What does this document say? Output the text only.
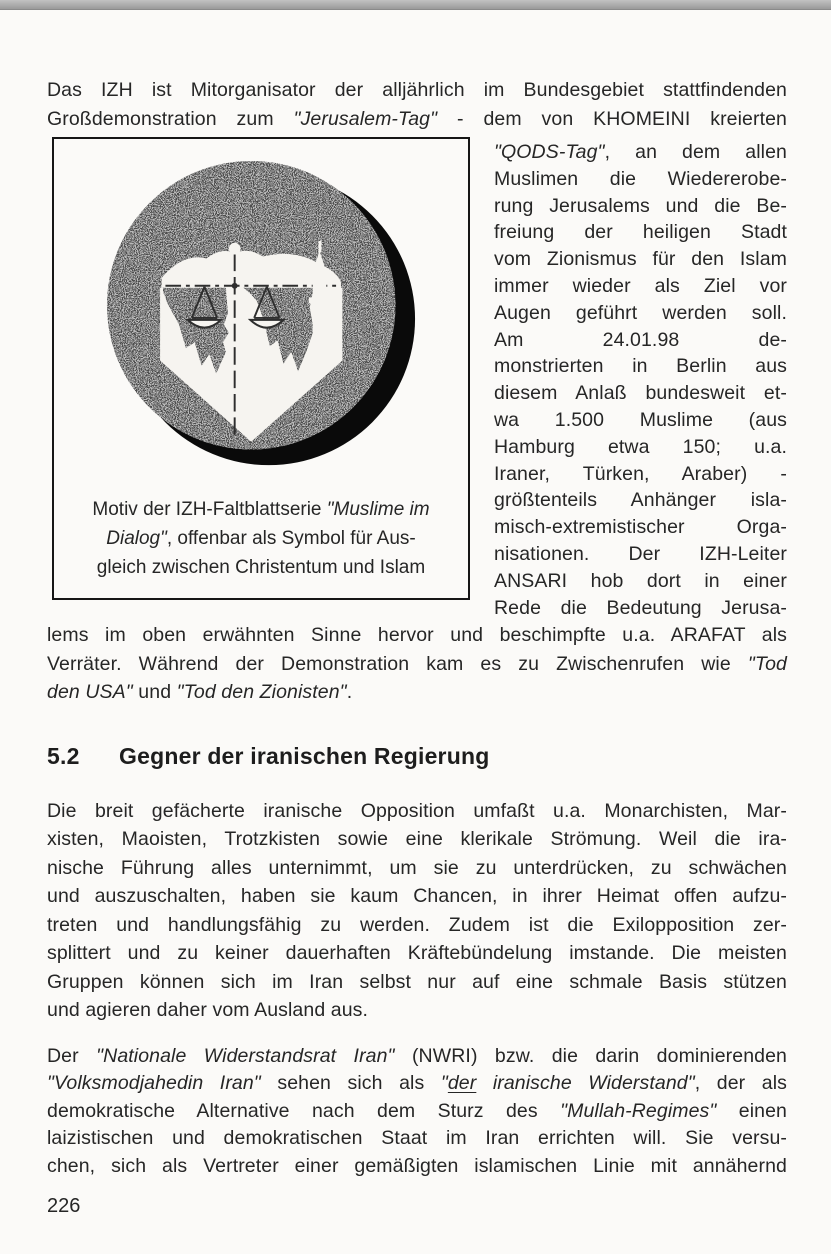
Das IZH ist Mitorganisator der alljährlich im Bundesgebiet stattfindenden
Großdemonstration zum "Jerusalem-Tag" - dem von KHOMEINI kreierten
Motiv der IZH-Faltblattserie "Muslime im
Dialog", offenbar als Symbol für Aus-
gleich zwischen Christentum und Islam
"QODS-Tag", an dem allen
Muslimen die Wiedererobe-
rung Jerusalems und die Be-
freiung der heiligen Stadt
vom Zionismus für den Islam
immer wieder als Ziel vor
Augen geführt werden soll.
Am 24.01.98 de-
monstrierten in Berlin aus
diesem Anlaß bundesweit et-
wa 1.500 Muslime (aus
Hamburg etwa 150; u.a.
Iraner, Türken, Araber) -
größtenteils Anhänger isla-
misch-extremistischer Orga-
nisationen. Der IZH-Leiter
ANSARI hob dort in einer
Rede die Bedeutung Jerusa-
lems im oben erwähnten Sinne hervor und beschimpfte u.a. ARAFAT als
Verräter. Während der Demonstration kam es zu Zwischenrufen wie "Tod
den USA" und "Tod den Zionisten".
5.2 Gegner der iranischen Regierung
Die breit gefächerte iranische Opposition umfaßt u.a. Monarchisten, Mar-
xisten, Maoisten, Trotzkisten sowie eine klerikale Strömung. Weil die ira-
nische Führung alles unternimmt, um sie zu unterdrücken, zu schwächen
und auszuschalten, haben sie kaum Chancen, in ihrer Heimat offen aufzu-
treten und handlungsfähig zu werden. Zudem ist die Exilopposition zer-
splittert und zu keiner dauerhaften Kräftebündelung imstande. Die meisten
Gruppen können sich im Iran selbst nur auf eine schmale Basis stützen
und agieren daher vom Ausland aus.
Der "Nationale Widerstandsrat Iran" (NWRI) bzw. die darin dominierenden
"Volksmodjahedin Iran" sehen sich als "der iranische Widerstand", der als
demokratische Alternative nach dem Sturz des "Mullah-Regimes" einen
laizistischen und demokratischen Staat im Iran errichten will. Sie versu-
chen, sich als Vertreter einer gemäßigten islamischen Linie mit annähernd
226
